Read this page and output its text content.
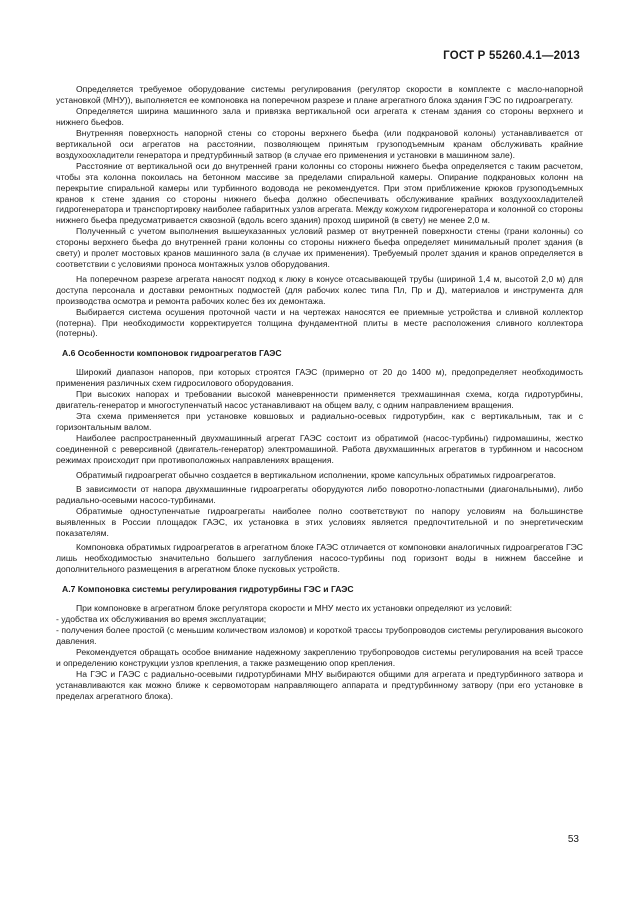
ГОСТ Р 55260.4.1—2013

Определяется требуемое оборудование системы регулирования (регулятор скорости в комплекте с масло-напорной установкой (МНУ)), выполняется ее компоновка на поперечном разрезе и плане агрегатного блока здания ГЭС по гидроагрегату.

Определяется ширина машинного зала и привязка вертикальной оси агрегата к стенам здания со стороны верхнего и нижнего бьефов.

Внутренняя поверхность напорной стены со стороны верхнего бьефа (или подкрановой колоны) устанавливается от вертикальной оси агрегатов на расстоянии, позволяющем принятым грузоподъемным кранам обслуживать крайние воздухоохладители генератора и предтурбинный затвор (в случае его применения и установки в машинном зале).

Расстояние от вертикальной оси до внутренней грани колонны со стороны нижнего бьефа определяется с таким расчетом, чтобы эта колонна покоилась на бетонном массиве за пределами спиральной камеры. Опирание подкрановых колонн на перекрытие спиральной камеры или турбинного водовода не рекомендуется. При этом приближение крюков грузоподъемных кранов к стене здания со стороны нижнего бьефа должно обеспечивать обслуживание крайних воздухоохладителей гидрогенератора и транспортировку наиболее габаритных узлов агрегата. Между кожухом гидрогенератора и колонной со стороны нижнего бьефа предусматривается сквозной (вдоль всего здания) проход шириной (в свету) не менее 2,0 м.

Полученный с учетом выполнения вышеуказанных условий размер от внутренней поверхности стены (грани колонны) со стороны верхнего бьефа до внутренней грани колонны со стороны нижнего бьефа определяет минимальный пролет здания (в свету) и пролет мостовых кранов машинного зала (в случае их применения). Требуемый пролет здания и кранов определяется в соответствии с условиями проноса монтажных узлов оборудования.

На поперечном разрезе агрегата наносят подход к люку в конусе отсасывающей трубы (шириной 1,4 м, высотой 2,0 м) для доступа персонала и доставки ремонтных подмостей (для рабочих колес типа Пл, Пр и Д), материалов и инструмента для производства осмотра и ремонта рабочих колес без их демонтажа.

Выбирается система осушения проточной части и на чертежах наносятся ее приемные устройства и сливной коллектор (потерна). При необходимости корректируется толщина фундаментной плиты в месте расположения сливного коллектора (потерны).

А.6 Особенности компоновок гидроагрегатов ГАЭС

Широкий диапазон напоров, при которых строятся ГАЭС (примерно от 20 до 1400 м), предопределяет необходимость применения различных схем гидросилового оборудования.

При высоких напорах и требовании высокой маневренности применяется трехмашинная схема, когда гидротурбины, двигатель-генератор и многоступенчатый насос устанавливают на общем валу, с одним направлением вращения.

Эта схема применяется при установке ковшовых и радиально-осевых гидротурбин, как с вертикальным, так и с горизонтальным валом.

Наиболее распространенный двухмашинный агрегат ГАЭС состоит из обратимой (насос-турбины) гидромашины, жестко соединенной с реверсивной (двигатель-генератор) электромашиной. Работа двухмашинных агрегатов в турбинном и насосном режимах происходит при противоположных направлениях вращения.

Обратимый гидроагрегат обычно создается в вертикальном исполнении, кроме капсульных обратимых гидроагрегатов.

В зависимости от напора двухмашинные гидроагрегаты оборудуются либо поворотно-лопастными (диагональными), либо радиально-осевыми насосо-турбинами.

Обратимые одноступенчатые гидроагрегаты наиболее полно соответствуют по напору условиям на большинстве выявленных в России площадок ГАЭС, их установка в этих условиях является предпочтительной и по энергетическим показателям.

Компоновка обратимых гидроагрегатов в агрегатном блоке ГАЭС отличается от компоновки аналогичных гидроагрегатов ГЭС лишь необходимостью значительно большего заглубления насосо-турбины под горизонт воды в нижнем бассейне и дополнительного размещения в агрегатном блоке пусковых устройств.

А.7 Компоновка системы регулирования гидротурбины ГЭС и ГАЭС

При компоновке в агрегатном блоке регулятора скорости и МНУ место их установки определяют из условий:

- удобства их обслуживания во время эксплуатации;

- получения более простой (с меньшим количеством изломов) и короткой трассы трубопроводов системы регулирования высокого давления.

Рекомендуется обращать особое внимание надежному закреплению трубопроводов системы регулирования на всей трассе и определению конструкции узлов крепления, а также размещению опор крепления.

На ГЭС и ГАЭС с радиально-осевыми гидротурбинами МНУ выбираются общими для агрегата и предтурбинного затвора и устанавливаются как можно ближе к сервомоторам направляющего аппарата и предтурбинному затвору (при его установке в пределах агрегатного блока).

53
